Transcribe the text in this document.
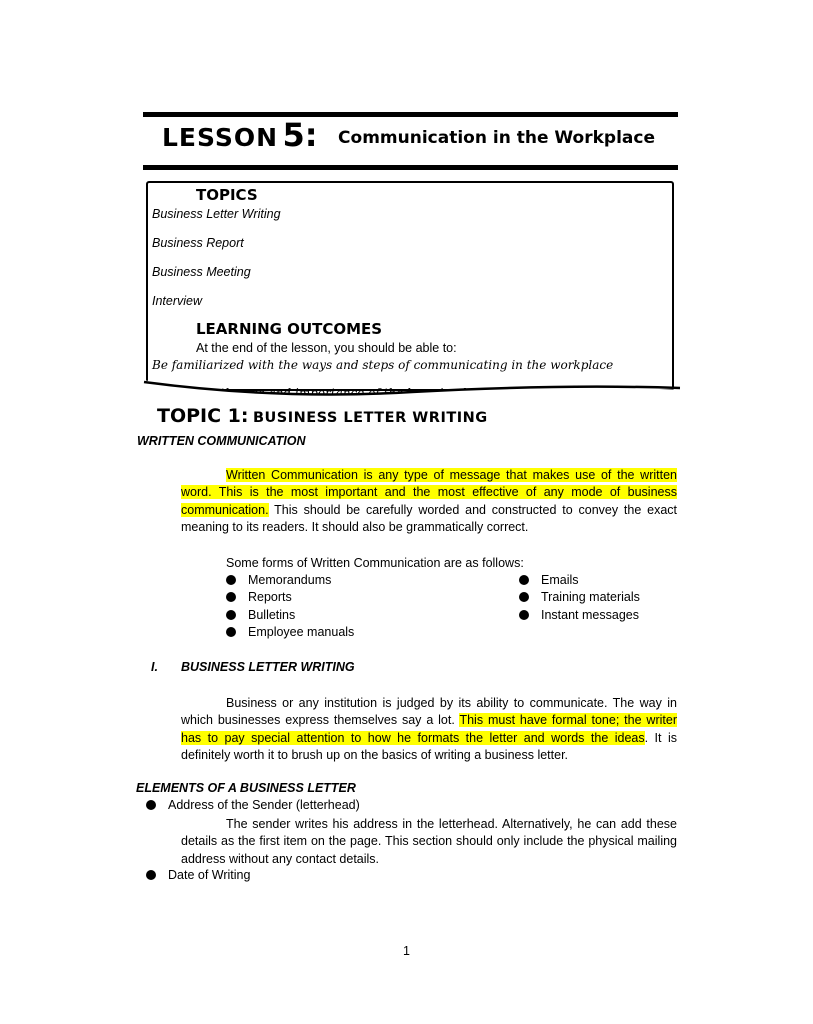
LESSON 5: Communication in the Workplace
TOPICS
Business Letter Writing
Business Report
Business Meeting
Interview
LEARNING OUTCOMES
At the end of the lesson, you should be able to:
Be familiarized with the ways and steps of communicating in the workplace
TOPIC 1: BUSINESS LETTER WRITING
WRITTEN COMMUNICATION
Written Communication is any type of message that makes use of the written word. This is the most important and the most effective of any mode of business communication. This should be carefully worded and constructed to convey the exact meaning to its readers. It should also be grammatically correct.
Some forms of Written Communication are as follows:
Memorandums
Reports
Bulletins
Employee manuals
Emails
Training materials
Instant messages
I. BUSINESS LETTER WRITING
Business or any institution is judged by its ability to communicate. The way in which businesses express themselves say a lot. This must have formal tone; the writer has to pay special attention to how he formats the letter and words the ideas. It is definitely worth it to brush up on the basics of writing a business letter.
ELEMENTS OF A BUSINESS LETTER
Address of the Sender (letterhead)
The sender writes his address in the letterhead. Alternatively, he can add these details as the first item on the page. This section should only include the physical mailing address without any contact details.
Date of Writing
1
